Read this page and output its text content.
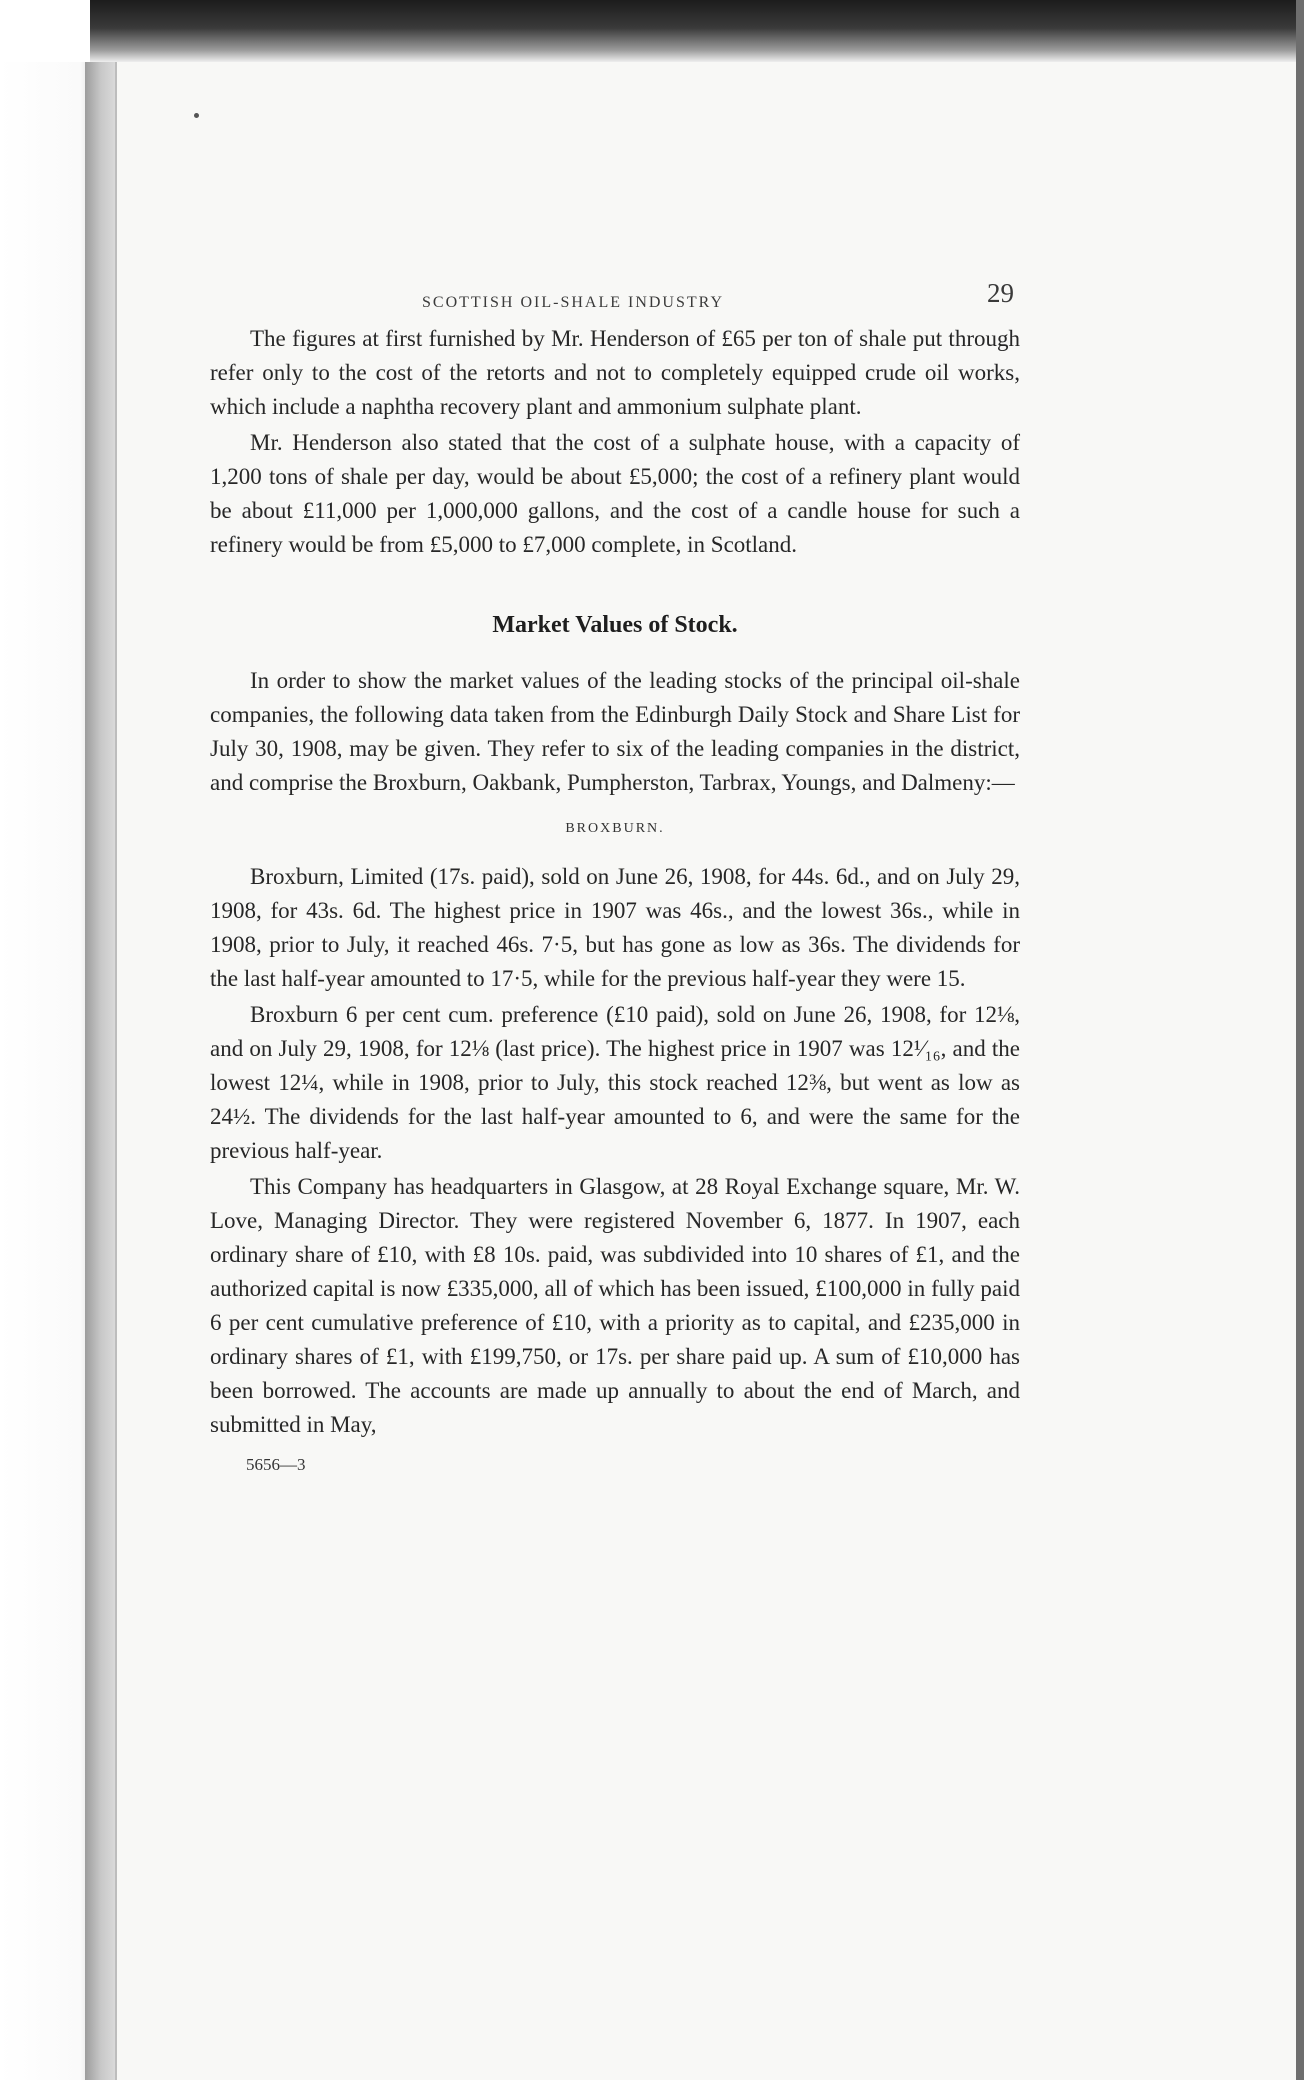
SCOTTISH OIL-SHALE INDUSTRY	29

The figures at first furnished by Mr. Henderson of £65 per ton of shale put through refer only to the cost of the retorts and not to completely equipped crude oil works, which include a naphtha recovery plant and ammonium sulphate plant.

Mr. Henderson also stated that the cost of a sulphate house, with a capacity of 1,200 tons of shale per day, would be about £5,000; the cost of a refinery plant would be about £11,000 per 1,000,000 gallons, and the cost of a candle house for such a refinery would be from £5,000 to £7,000 complete, in Scotland.

Market Values of Stock.

In order to show the market values of the leading stocks of the principal oil-shale companies, the following data taken from the Edinburgh Daily Stock and Share List for July 30, 1908, may be given. They refer to six of the leading companies in the district, and comprise the Broxburn, Oakbank, Pumpherston, Tarbrax, Youngs, and Dalmeny:—

BROXBURN.

Broxburn, Limited (17s. paid), sold on June 26, 1908, for 44s. 6d., and on July 29, 1908, for 43s. 6d. The highest price in 1907 was 46s., and the lowest 36s., while in 1908, prior to July, it reached 46s. 7·5, but has gone as low as 36s. The dividends for the last half-year amounted to 17·5, while for the previous half-year they were 15.

Broxburn 6 per cent cum. preference (£10 paid), sold on June 26, 1908, for 12⅛, and on July 29, 1908, for 12⅛ (last price). The highest price in 1907 was 12¹⁄₁₆, and the lowest 12¼, while in 1908, prior to July, this stock reached 12⅜, but went as low as 24½. The dividends for the last half-year amounted to 6, and were the same for the previous half-year.

This Company has headquarters in Glasgow, at 28 Royal Exchange square, Mr. W. Love, Managing Director. They were registered November 6, 1877. In 1907, each ordinary share of £10, with £8 10s. paid, was subdivided into 10 shares of £1, and the authorized capital is now £335,000, all of which has been issued, £100,000 in fully paid 6 per cent cumulative preference of £10, with a priority as to capital, and £235,000 in ordinary shares of £1, with £199,750, or 17s. per share paid up. A sum of £10,000 has been borrowed. The accounts are made up annually to about the end of March, and submitted in May,

5656—3
